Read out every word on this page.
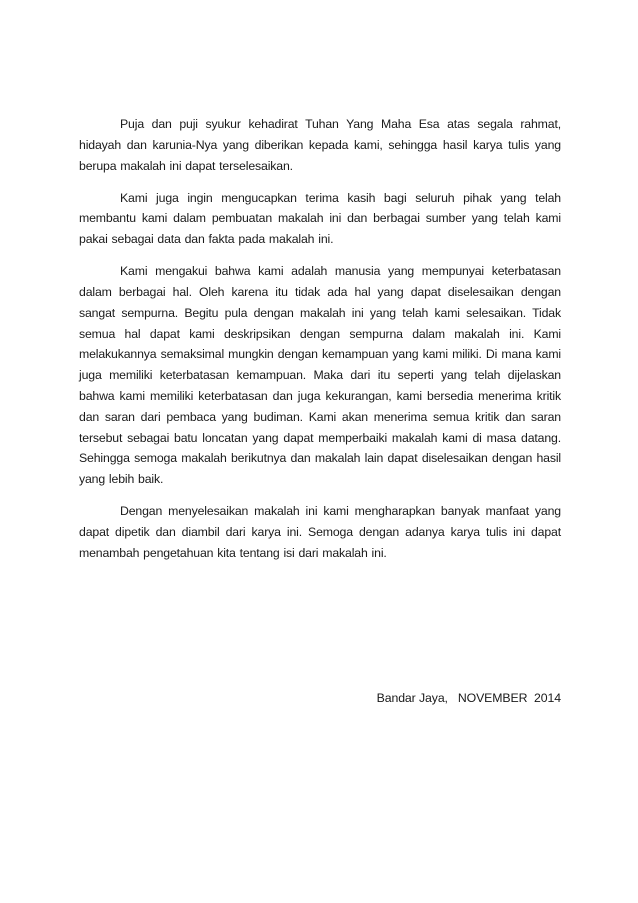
Puja dan puji syukur kehadirat Tuhan Yang Maha Esa atas segala rahmat, hidayah dan karunia-Nya yang diberikan kepada kami, sehingga hasil karya tulis yang berupa makalah ini dapat terselesaikan.

Kami juga ingin mengucapkan terima kasih bagi seluruh pihak yang telah membantu kami dalam pembuatan makalah ini dan berbagai sumber yang telah kami pakai sebagai data dan fakta pada makalah ini.

Kami mengakui bahwa kami adalah manusia yang mempunyai keterbatasan dalam berbagai hal. Oleh karena itu tidak ada hal yang dapat diselesaikan dengan sangat sempurna. Begitu pula dengan makalah ini yang telah kami selesaikan. Tidak semua hal dapat kami deskripsikan dengan sempurna dalam makalah ini. Kami melakukannya semaksimal mungkin dengan kemampuan yang kami miliki. Di mana kami juga memiliki keterbatasan kemampuan. Maka dari itu seperti yang telah dijelaskan bahwa kami memiliki keterbatasan dan juga kekurangan, kami bersedia menerima kritik dan saran dari pembaca yang budiman. Kami akan menerima semua kritik dan saran tersebut sebagai batu loncatan yang dapat memperbaiki makalah kami di masa datang. Sehingga semoga makalah berikutnya dan makalah lain dapat diselesaikan dengan hasil yang lebih baik.

Dengan menyelesaikan makalah ini kami mengharapkan banyak manfaat yang dapat dipetik dan diambil dari karya ini. Semoga dengan adanya karya tulis ini dapat menambah pengetahuan kita tentang isi dari makalah ini.

Bandar Jaya,   NOVEMBER  2014
